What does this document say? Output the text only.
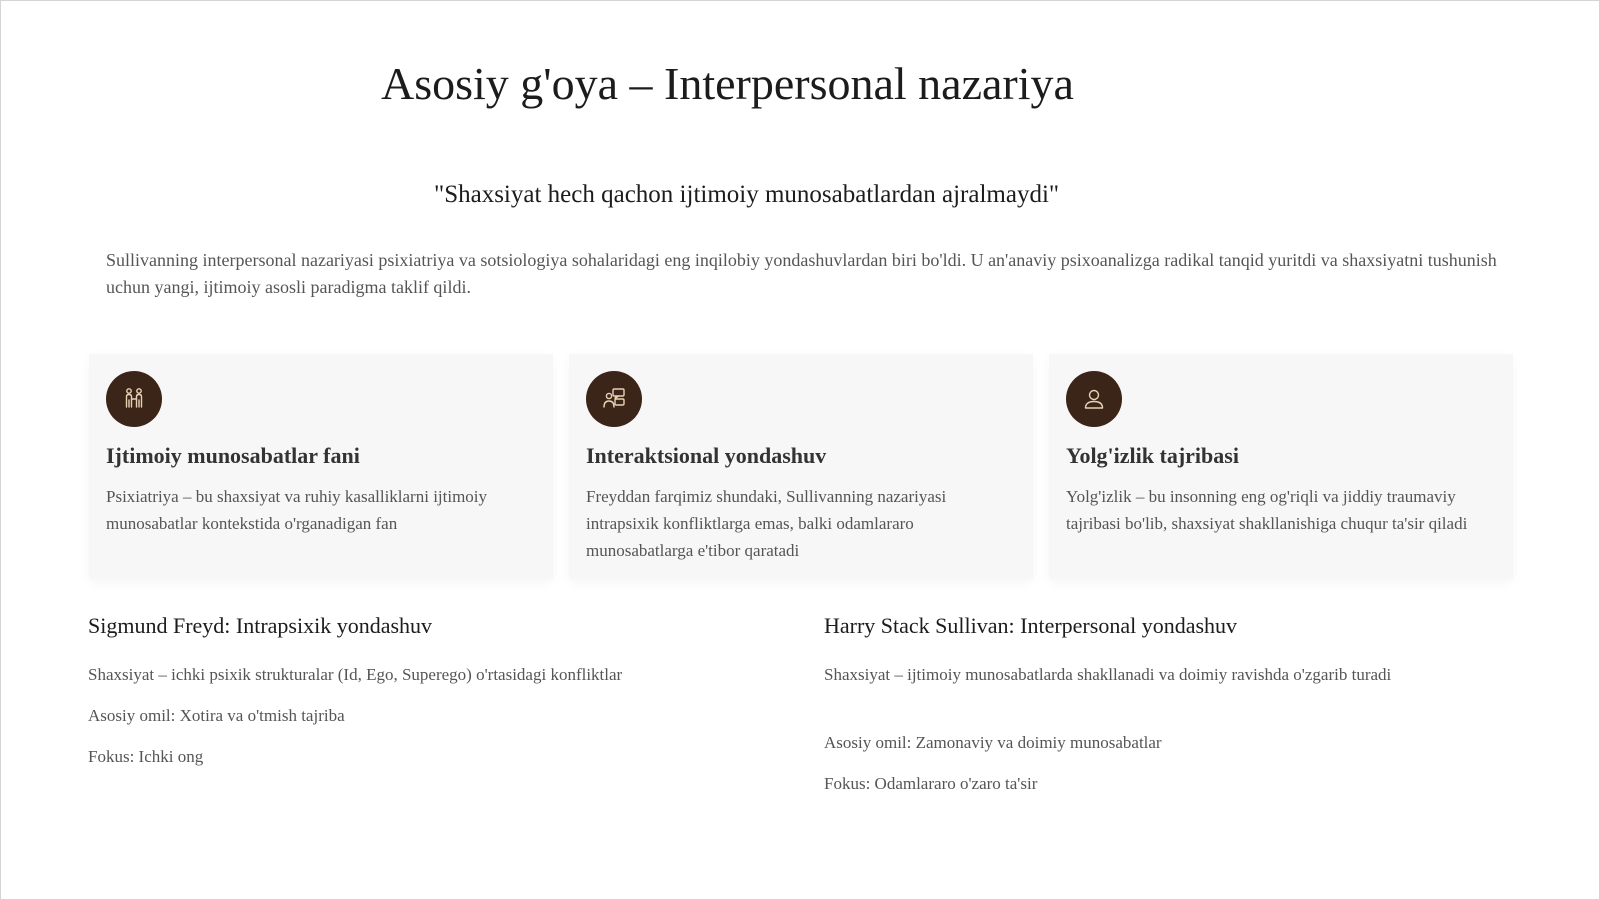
Asosiy g'oya – Interpersonal nazariya
"Shaxsiyat hech qachon ijtimoiy munosabatlardan ajralmaydi"

Sullivanning interpersonal nazariyasi psixiatriya va sotsiologiya sohalaridagi eng inqilobiy yondashuvlardan biri bo'ldi. U an'anaviy psixoanalizga radikal tanqid yuritdi va shaxsiyatni tushunish uchun yangi, ijtimoiy asosli paradigma taklif qildi.

Ijtimoiy munosabatlar fani
Psixiatriya – bu shaxsiyat va ruhiy kasalliklarni ijtimoiy munosabatlar kontekstida o'rganadigan fan
Interaktsional yondashuv
Freyddan farqimiz shundaki, Sullivanning nazariyasi intrapsixik konfliktlarga emas, balki odamlararo munosabatlarga e'tibor qaratadi
Yolg'izlik tajribasi
Yolg'izlik – bu insonning eng og'riqli va jiddiy traumaviy tajribasi bo'lib, shaxsiyat shakllanishiga chuqur ta'sir qiladi
Sigmund Freyd: Intrapsixik yondashuv
Shaxsiyat – ichki psixik strukturalar (Id, Ego, Superego) o'rtasidagi konfliktlar
Asosiy omil: Xotira va o'tmish tajriba
Fokus: Ichki ong
Harry Stack Sullivan: Interpersonal yondashuv
Shaxsiyat – ijtimoiy munosabatlarda shakllanadi va doimiy ravishda o'zgarib turadi
Asosiy omil: Zamonaviy va doimiy munosabatlar
Fokus: Odamlararo o'zaro ta'sir
